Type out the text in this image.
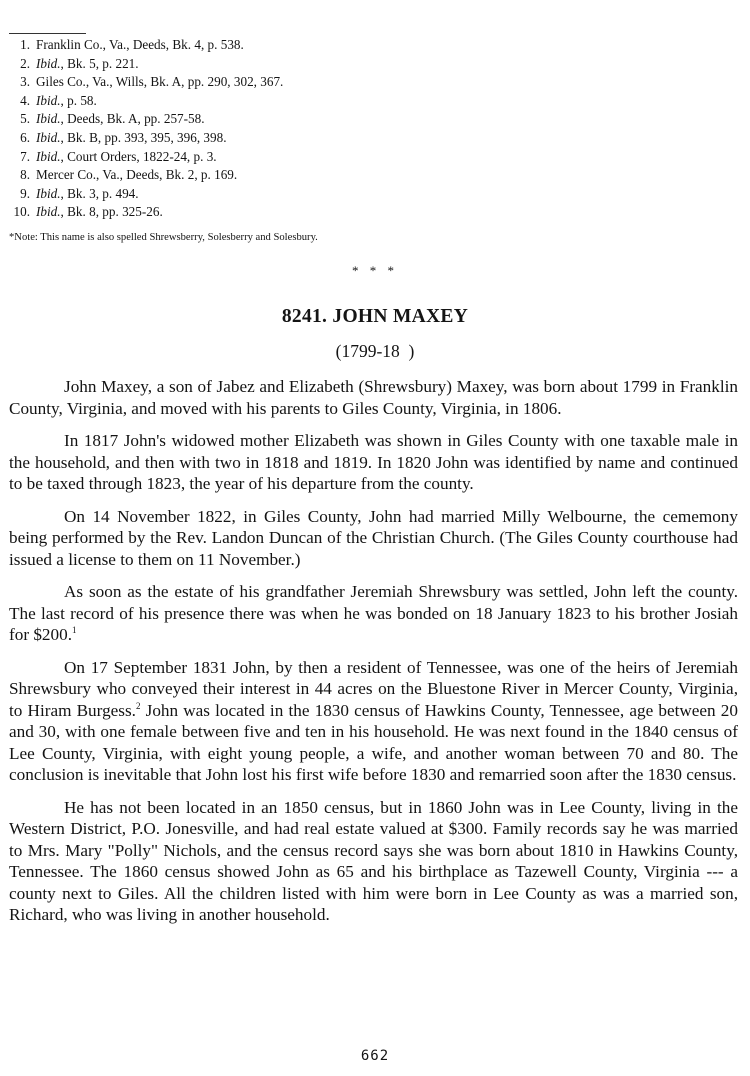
1. Franklin Co., Va., Deeds, Bk. 4, p. 538.
2. Ibid., Bk. 5, p. 221.
3. Giles Co., Va., Wills, Bk. A, pp. 290, 302, 367.
4. Ibid., p. 58.
5. Ibid., Deeds, Bk. A, pp. 257-58.
6. Ibid., Bk. B, pp. 393, 395, 396, 398.
7. Ibid., Court Orders, 1822-24, p. 3.
8. Mercer Co., Va., Deeds, Bk. 2, p. 169.
9. Ibid., Bk. 3, p. 494.
10. Ibid., Bk. 8, pp. 325-26.
*Note: This name is also spelled Shrewsberry, Solesberry and Solesbury.
* * *
8241. JOHN MAXEY
(1799-18  )

John Maxey, a son of Jabez and Elizabeth (Shrewsbury) Maxey, was born about 1799 in Franklin County, Virginia, and moved with his parents to Giles County, Virginia, in 1806.

In 1817 John's widowed mother Elizabeth was shown in Giles County with one taxable male in the household, and then with two in 1818 and 1819. In 1820 John was identified by name and continued to be taxed through 1823, the year of his departure from the county.

On 14 November 1822, in Giles County, John had married Milly Welbourne, the cememony being performed by the Rev. Landon Duncan of the Christian Church. (The Giles County courthouse had issued a license to them on 11 November.)

As soon as the estate of his grandfather Jeremiah Shrewsbury was settled, John left the county. The last record of his presence there was when he was bonded on 18 January 1823 to his brother Josiah for $200.$^1$

On 17 September 1831 John, by then a resident of Tennessee, was one of the heirs of Jeremiah Shrewsbury who conveyed their interest in 44 acres on the Bluestone River in Mercer County, Virginia, to Hiram Burgess.$^2$ John was located in the 1830 census of Hawkins County, Tennessee, age between 20 and 30, with one female between five and ten in his household. He was next found in the 1840 census of Lee County, Virginia, with eight young people, a wife, and another woman between 70 and 80. The conclusion is inevitable that John lost his first wife before 1830 and remarried soon after the 1830 census.

He has not been located in an 1850 census, but in 1860 John was in Lee County, living in the Western District, P.O. Jonesville, and had real estate valued at $300. Family records say he was married to Mrs. Mary "Polly" Nichols, and the census record says she was born about 1810 in Hawkins County, Tennessee. The 1860 census showed John as 65 and his birthplace as Tazewell County, Virginia --- a county next to Giles. All the children listed with him were born in Lee County as was a married son, Richard, who was living in another household.

662
